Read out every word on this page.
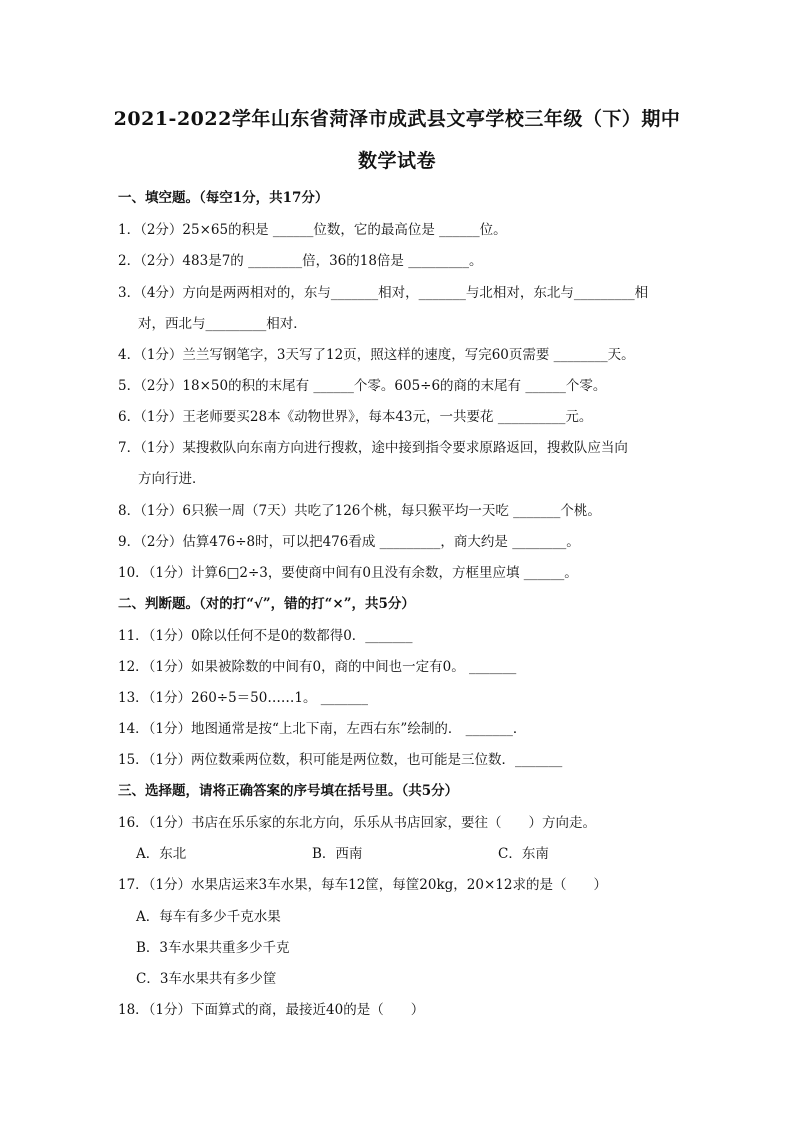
2021-2022学年山东省菏泽市成武县文亭学校三年级（下）期中
数学试卷
一、填空题。（每空1分，共17分）
1．（2分）25×65的积是 ______位数，它的最高位是 ______位。
2．（2分）483是7的 ________倍，36的18倍是 _________。
3．（4分）方向是两两相对的，东与_______相对，_______与北相对，东北与_________相
对，西北与_________相对．
4．（1分）兰兰写钢笔字，3天写了12页，照这样的速度，写完60页需要 ________天。
5．（2分）18×50的积的末尾有 ______个零。605÷6的商的末尾有 ______个零。
6．（1分）王老师要买28本《动物世界》，每本43元，一共要花 __________元。
7．（1分）某搜救队向东南方向进行搜救，途中接到指令要求原路返回，搜救队应当向
方向行进．
8．（1分）6只猴一周（7天）共吃了126个桃，每只猴平均一天吃 _______个桃。
9．（2分）估算476÷8时，可以把476看成 _________，商大约是 ________。
10．（1分）计算6□2÷3，要使商中间有0且没有余数，方框里应填 ______。
二、判断题。（对的打“√”，错的打“×”，共5分）
11．（1分）0除以任何不是0的数都得0．_______
12．（1分）如果被除数的中间有0，商的中间也一定有0。 _______
13．（1分）260÷5＝50……1。 _______
14．（1分）地图通常是按“上北下南，左西右东”绘制的． _______．
15．（1分）两位数乘两位数，积可能是两位数，也可能是三位数．_______
三、选择题，请将正确答案的序号填在括号里。（共5分）
16．（1分）书店在乐乐家的东北方向，乐乐从书店回家，要往（　　）方向走。
A．东北	B．西南	C．东南
17．（1分）水果店运来3车水果，每车12筐，每筐20kg，20×12求的是（　　）
A．每车有多少千克水果
B．3车水果共重多少千克
C．3车水果共有多少筐
18．（1分）下面算式的商，最接近40的是（　　）
